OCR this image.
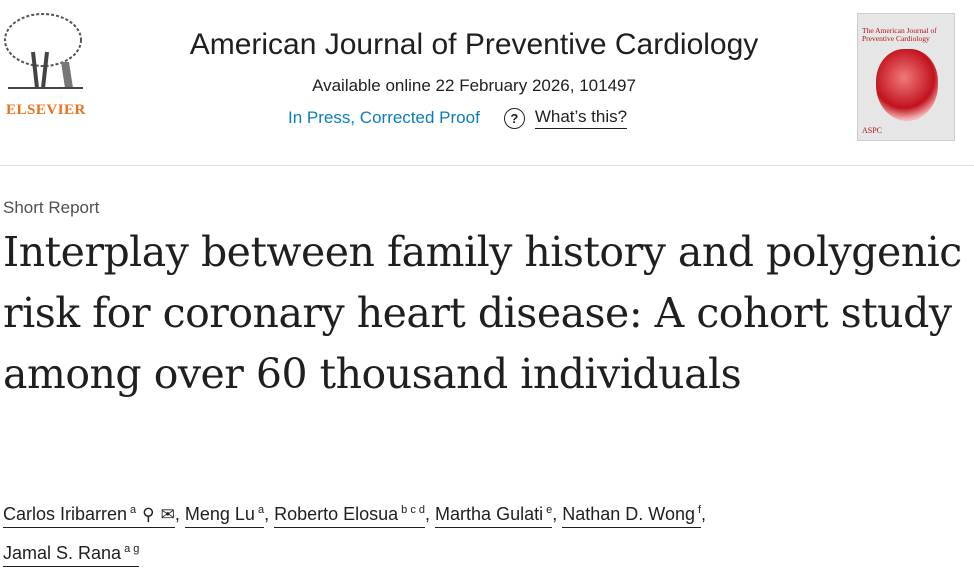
ELSEVIER
American Journal of Preventive Cardiology
Available online 22 February 2026, 101497
In Press, Corrected Proof	? What’s this?
The American Journal of Preventive Cardiology
ASPC
Short Report
Interplay between family history and polygenic risk for coronary heart disease: A cohort study among over 60 thousand individuals
Carlos Iribarren $^a$ ⚲ ✉, Meng Lu $^a$, Roberto Elosua $^{b c d}$, Martha Gulati $^e$, Nathan D. Wong $^f$,
Jamal S. Rana $^{a g}$
